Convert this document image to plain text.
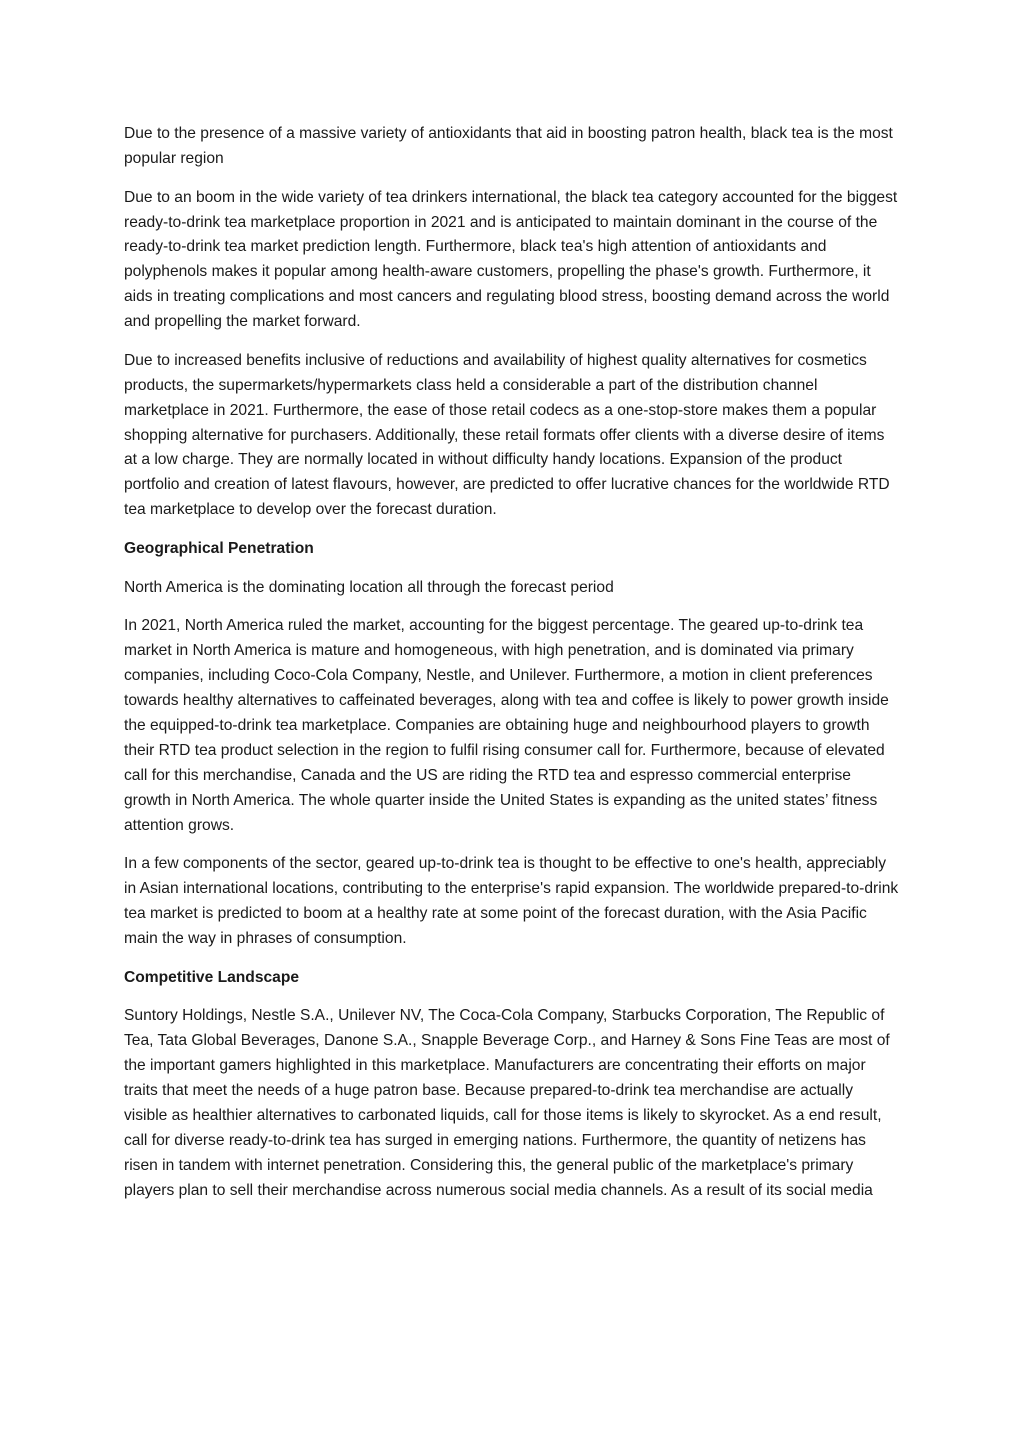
Due to the presence of a massive variety of antioxidants that aid in boosting patron health, black tea is the most popular region

Due to an boom in the wide variety of tea drinkers international, the black tea category accounted for the biggest ready-to-drink tea marketplace proportion in 2021 and is anticipated to maintain dominant in the course of the ready-to-drink tea market prediction length. Furthermore, black tea's high attention of antioxidants and polyphenols makes it popular among health-aware customers, propelling the phase's growth. Furthermore, it aids in treating complications and most cancers and regulating blood stress, boosting demand across the world and propelling the market forward.

Due to increased benefits inclusive of reductions and availability of highest quality alternatives for cosmetics products, the supermarkets/hypermarkets class held a considerable a part of the distribution channel marketplace in 2021. Furthermore, the ease of those retail codecs as a one-stop-store makes them a popular shopping alternative for purchasers. Additionally, these retail formats offer clients with a diverse desire of items at a low charge. They are normally located in without difficulty handy locations. Expansion of the product portfolio and creation of latest flavours, however, are predicted to offer lucrative chances for the worldwide RTD tea marketplace to develop over the forecast duration.

Geographical Penetration

North America is the dominating location all through the forecast period

In 2021, North America ruled the market, accounting for the biggest percentage. The geared up-to-drink tea market in North America is mature and homogeneous, with high penetration, and is dominated via primary companies, including Coco-Cola Company, Nestle, and Unilever. Furthermore, a motion in client preferences towards healthy alternatives to caffeinated beverages, along with tea and coffee is likely to power growth inside the equipped-to-drink tea marketplace. Companies are obtaining huge and neighbourhood players to growth their RTD tea product selection in the region to fulfil rising consumer call for. Furthermore, because of elevated call for this merchandise, Canada and the US are riding the RTD tea and espresso commercial enterprise growth in North America. The whole quarter inside the United States is expanding as the united states’ fitness attention grows.

In a few components of the sector, geared up-to-drink tea is thought to be effective to one's health, appreciably in Asian international locations, contributing to the enterprise's rapid expansion. The worldwide prepared-to-drink tea market is predicted to boom at a healthy rate at some point of the forecast duration, with the Asia Pacific main the way in phrases of consumption.

Competitive Landscape

Suntory Holdings, Nestle S.A., Unilever NV, The Coca-Cola Company, Starbucks Corporation, The Republic of Tea, Tata Global Beverages, Danone S.A., Snapple Beverage Corp., and Harney & Sons Fine Teas are most of the important gamers highlighted in this marketplace. Manufacturers are concentrating their efforts on major traits that meet the needs of a huge patron base. Because prepared-to-drink tea merchandise are actually visible as healthier alternatives to carbonated liquids, call for those items is likely to skyrocket. As a end result, call for diverse ready-to-drink tea has surged in emerging nations. Furthermore, the quantity of netizens has risen in tandem with internet penetration. Considering this, the general public of the marketplace's primary players plan to sell their merchandise across numerous social media channels. As a result of its social media
